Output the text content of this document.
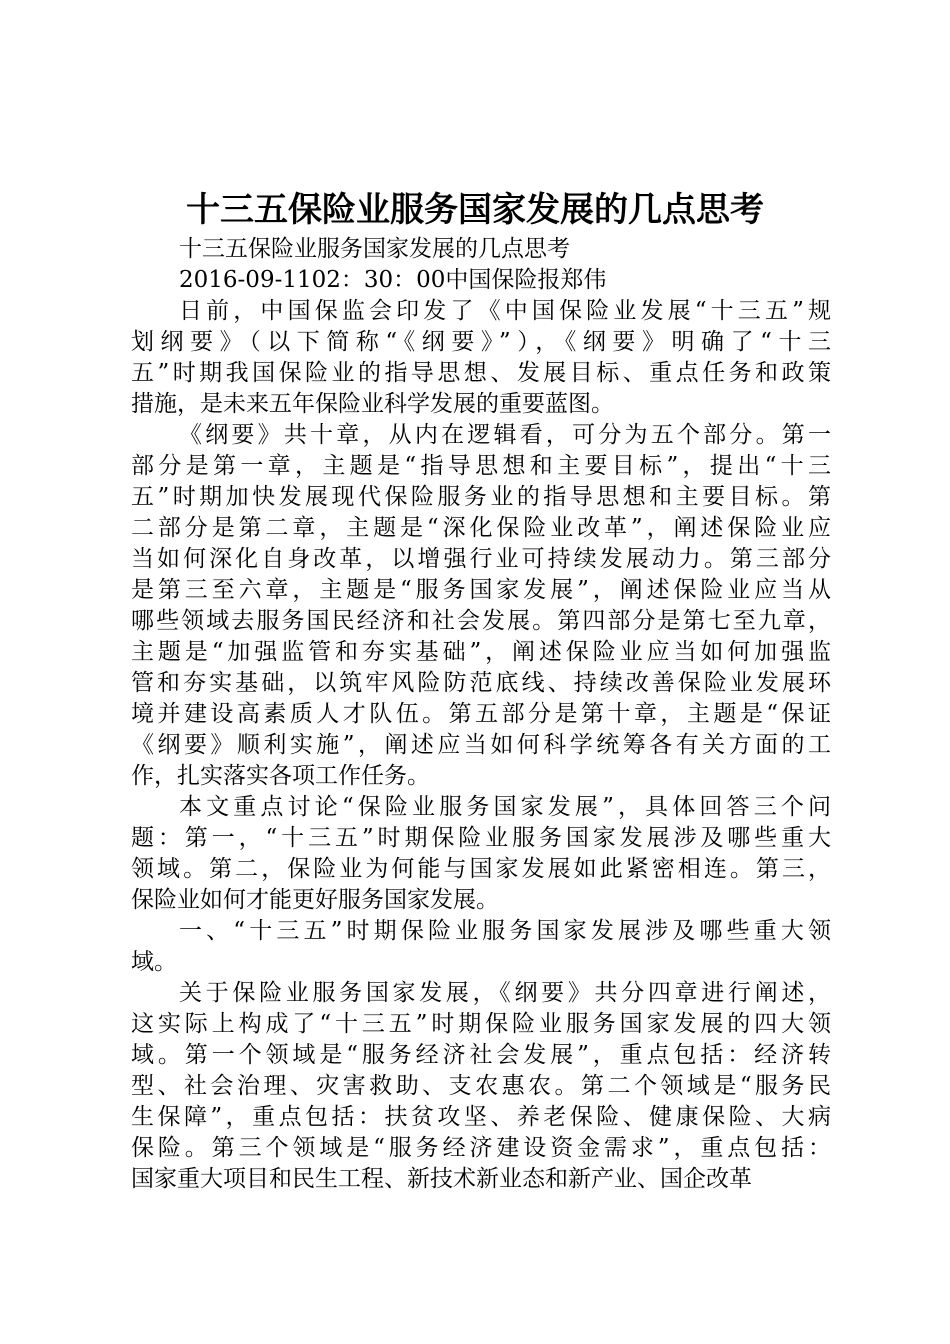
十三五保险业服务国家发展的几点思考
十三五保险业服务国家发展的几点思考
2016-09-1102：30：00中国保险报郑伟
日前，中国保监会印发了《中国保险业发展“十三五”规
划纲要》（以下简称“《纲要》”），《纲要》明确了“十三
五”时期我国保险业的指导思想、发展目标、重点任务和政策
措施，是未来五年保险业科学发展的重要蓝图。
《纲要》共十章，从内在逻辑看，可分为五个部分。第一
部分是第一章，主题是“指导思想和主要目标”，提出“十三
五”时期加快发展现代保险服务业的指导思想和主要目标。第
二部分是第二章，主题是“深化保险业改革”，阐述保险业应
当如何深化自身改革，以增强行业可持续发展动力。第三部分
是第三至六章，主题是“服务国家发展”，阐述保险业应当从
哪些领域去服务国民经济和社会发展。第四部分是第七至九章，
主题是“加强监管和夯实基础”，阐述保险业应当如何加强监
管和夯实基础，以筑牢风险防范底线、持续改善保险业发展环
境并建设高素质人才队伍。第五部分是第十章，主题是“保证
《纲要》顺利实施”，阐述应当如何科学统筹各有关方面的工
作，扎实落实各项工作任务。
本文重点讨论“保险业服务国家发展”，具体回答三个问
题：第一，“十三五”时期保险业服务国家发展涉及哪些重大
领域。第二，保险业为何能与国家发展如此紧密相连。第三，
保险业如何才能更好服务国家发展。
一、“十三五”时期保险业服务国家发展涉及哪些重大领
域。
关于保险业服务国家发展，《纲要》共分四章进行阐述，
这实际上构成了“十三五”时期保险业服务国家发展的四大领
域。第一个领域是“服务经济社会发展”，重点包括：经济转
型、社会治理、灾害救助、支农惠农。第二个领域是“服务民
生保障”，重点包括：扶贫攻坚、养老保险、健康保险、大病
保险。第三个领域是“服务经济建设资金需求”，重点包括：
国家重大项目和民生工程、新技术新业态和新产业、国企改革
